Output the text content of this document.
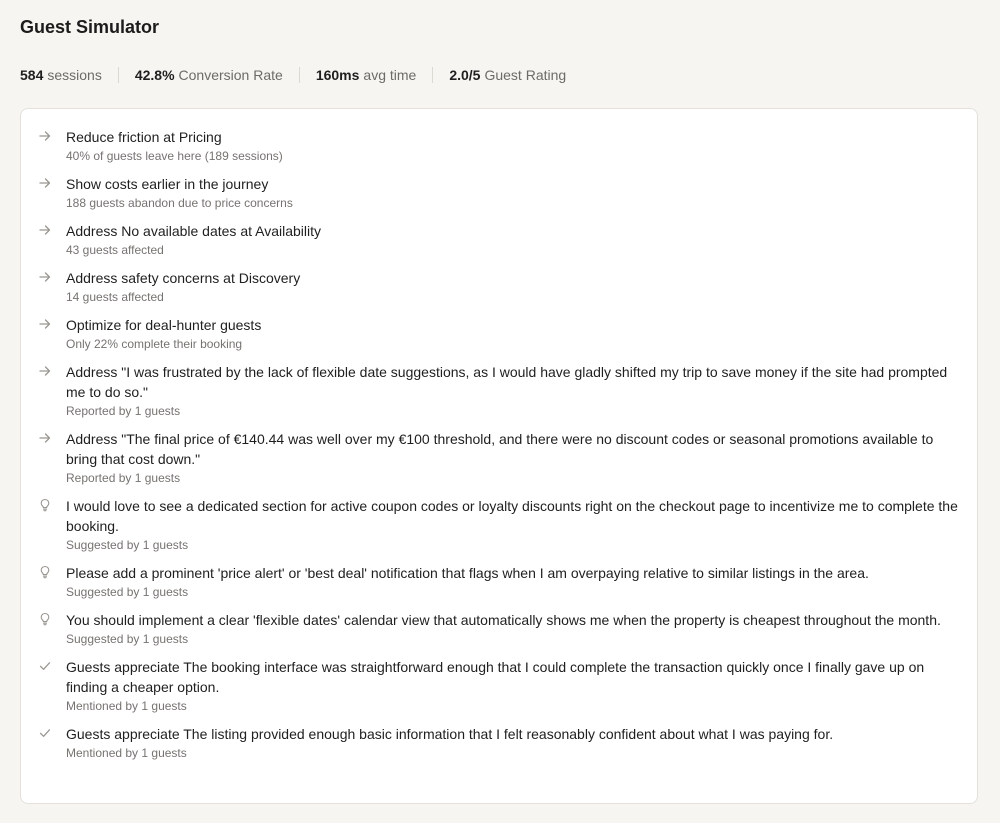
Guest Simulator
584 sessions 42.8% Conversion Rate 160ms avg time 2.0/5 Guest Rating
Reduce friction at Pricing
40% of guests leave here (189 sessions)
Show costs earlier in the journey
188 guests abandon due to price concerns
Address No available dates at Availability
43 guests affected
Address safety concerns at Discovery
14 guests affected
Optimize for deal-hunter guests
Only 22% complete their booking
Address "I was frustrated by the lack of flexible date suggestions, as I would have gladly shifted my trip to save money if the site had prompted me to do so."
Reported by 1 guests
Address "The final price of €140.44 was well over my €100 threshold, and there were no discount codes or seasonal promotions available to bring that cost down."
Reported by 1 guests
I would love to see a dedicated section for active coupon codes or loyalty discounts right on the checkout page to incentivize me to complete the booking.
Suggested by 1 guests
Please add a prominent 'price alert' or 'best deal' notification that flags when I am overpaying relative to similar listings in the area.
Suggested by 1 guests
You should implement a clear 'flexible dates' calendar view that automatically shows me when the property is cheapest throughout the month.
Suggested by 1 guests
Guests appreciate The booking interface was straightforward enough that I could complete the transaction quickly once I finally gave up on finding a cheaper option.
Mentioned by 1 guests
Guests appreciate The listing provided enough basic information that I felt reasonably confident about what I was paying for.
Mentioned by 1 guests
